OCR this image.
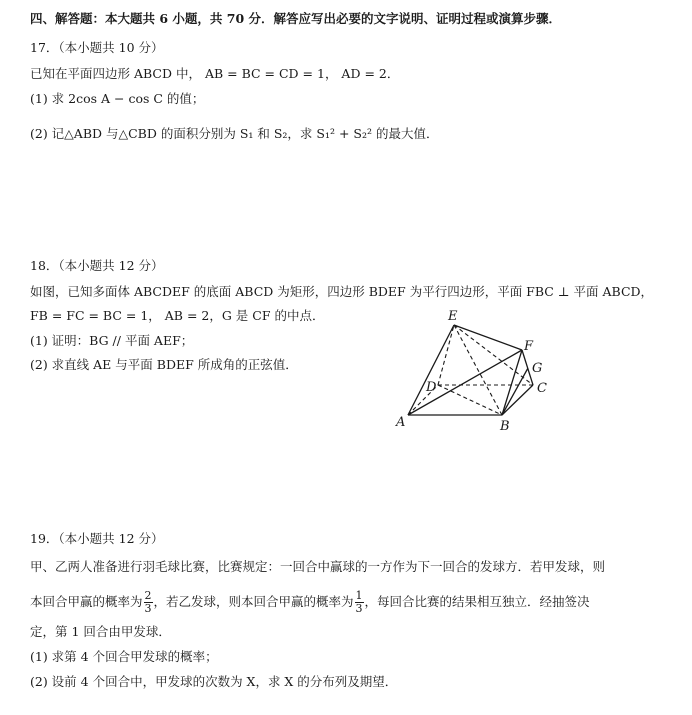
四、解答题：本大题共 6 小题，共 70 分．解答应写出必要的文字说明、证明过程或演算步骤．
17．（本小题共 10 分）
已知在平面四边形 ABCD 中， AB = BC = CD = 1， AD = 2．
(1) 求 2cos A − cos C 的值；
(2) 记△ABD 与△CBD 的面积分别为 S₁ 和 S₂，求 S₁² + S₂² 的最大值．
18．（本小题共 12 分）
如图，已知多面体 ABCDEF 的底面 ABCD 为矩形，四边形 BDEF 为平行四边形，平面 FBC ⊥ 平面 ABCD，
FB = FC = BC = 1， AB = 2，G 是 CF 的中点．
(1) 证明：BG // 平面 AEF；
(2) 求直线 AE 与平面 BDEF 所成角的正弦值．
E
F
G
C
D
A	B
19．（本小题共 12 分）
甲、乙两人准备进行羽毛球比赛，比赛规定：一回合中赢球的一方作为下一回合的发球方．若甲发球，则
本回合甲赢的概率为 $\frac{2}{3}$ ，若乙发球，则本回合甲赢的概率为 $\frac{1}{3}$ ，每回合比赛的结果相互独立．经抽签决
定，第 1 回合由甲发球．
(1) 求第 4 个回合甲发球的概率；
(2) 设前 4 个回合中，甲发球的次数为 X，求 X 的分布列及期望．
